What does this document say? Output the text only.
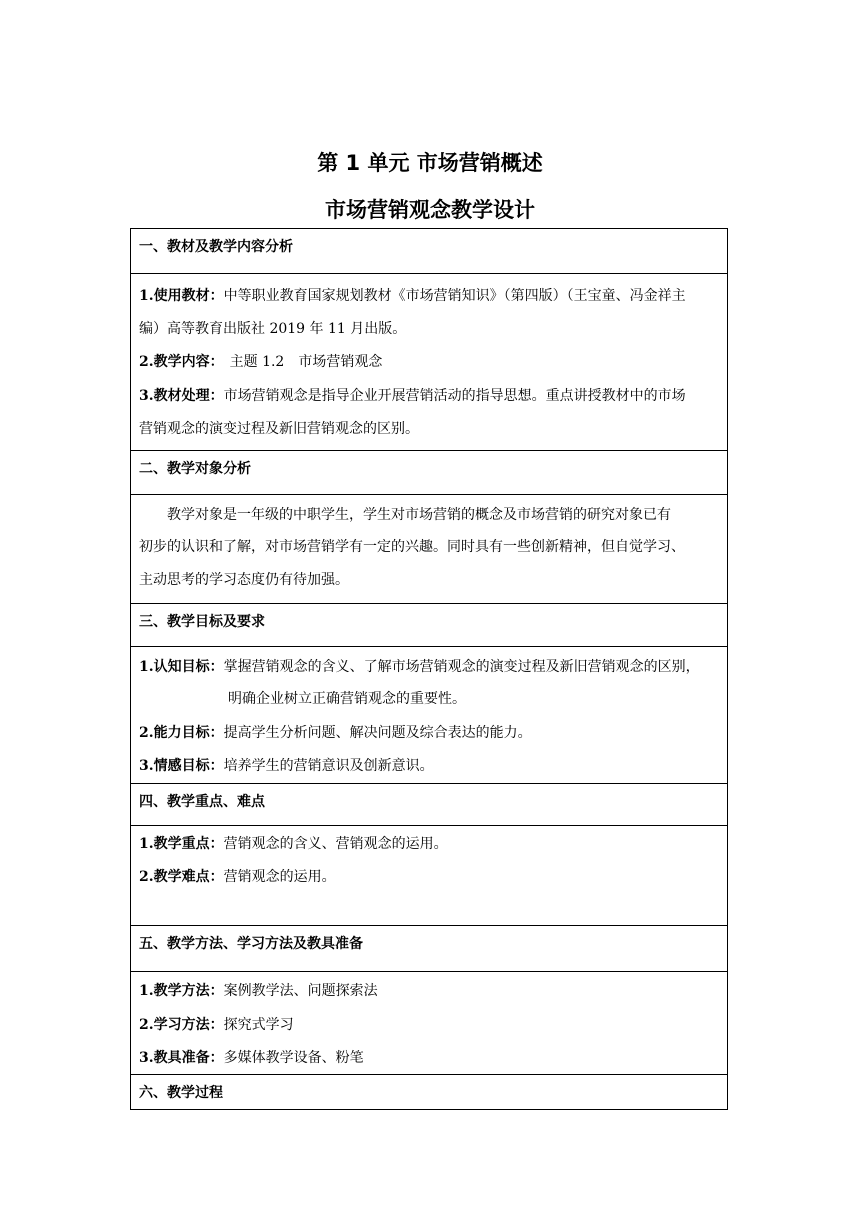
第 1 单元 市场营销概述
市场营销观念教学设计
一、教材及教学内容分析
1.使用教材：中等职业教育国家规划教材《市场营销知识》（第四版）（王宝童、冯金祥主
编）高等教育出版社 2019 年 11 月出版。
2.教学内容： 主题 1.2　市场营销观念
3.教材处理：市场营销观念是指导企业开展营销活动的指导思想。重点讲授教材中的市场
营销观念的演变过程及新旧营销观念的区别。
二、教学对象分析
　　教学对象是一年级的中职学生，学生对市场营销的概念及市场营销的研究对象已有
初步的认识和了解，对市场营销学有一定的兴趣。同时具有一些创新精神，但自觉学习、
主动思考的学习态度仍有待加强。
三、教学目标及要求
1.认知目标：掌握营销观念的含义、了解市场营销观念的演变过程及新旧营销观念的区别，
明确企业树立正确营销观念的重要性。
2.能力目标：提高学生分析问题、解决问题及综合表达的能力。
3.情感目标：培养学生的营销意识及创新意识。
四、教学重点、难点
1.教学重点：营销观念的含义、营销观念的运用。
2.教学难点：营销观念的运用。
五、教学方法、学习方法及教具准备
1.教学方法：案例教学法、问题探索法
2.学习方法：探究式学习
3.教具准备：多媒体教学设备、粉笔
六、教学过程
